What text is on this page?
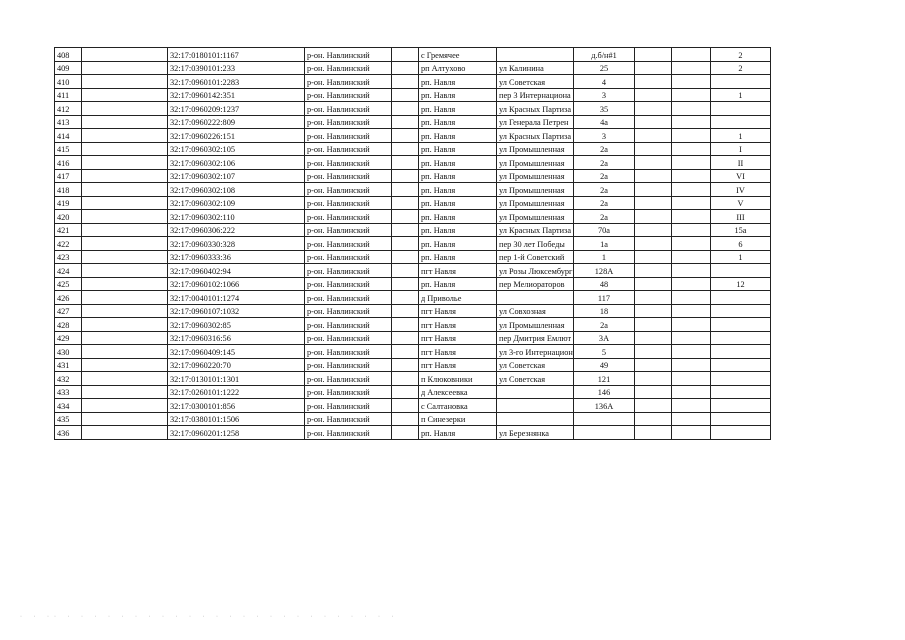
408		32:17:0180101:1167	р-он. Навлинский		с Гремячее		д.б/н#1			2
409		32:17:0390101:233	р-он. Навлинский		рп Алтухово	ул Калинина	25			2
410		32:17:0960101:2283	р-он. Навлинский		рп. Навля	ул Советская	4			
411		32:17:0960142:351	р-он. Навлинский		рп. Навля	пер 3 Интернациона	3			1
412		32:17:0960209:1237	р-он. Навлинский		рп. Навля	ул Красных Партиза	35			
413		32:17:0960222:809	р-он. Навлинский		рп. Навля	ул Генерала Петрен	4а			
414		32:17:0960226:151	р-он. Навлинский		рп. Навля	ул Красных Партиза	3			1
415		32:17:0960302:105	р-он. Навлинский		рп. Навля	ул Промышленная	2а			I
416		32:17:0960302:106	р-он. Навлинский		рп. Навля	ул Промышленная	2а			II
417		32:17:0960302:107	р-он. Навлинский		рп. Навля	ул Промышленная	2а			VI
418		32:17:0960302:108	р-он. Навлинский		рп. Навля	ул Промышленная	2а			IV
419		32:17:0960302:109	р-он. Навлинский		рп. Навля	ул Промышленная	2а			V
420		32:17:0960302:110	р-он. Навлинский		рп. Навля	ул Промышленная	2а			III
421		32:17:0960306:222	р-он. Навлинский		рп. Навля	ул Красных Партиза	70а			15а
422		32:17:0960330:328	р-он. Навлинский		рп. Навля	пер 30 лет Победы	1а			6
423		32:17:0960333:36	р-он. Навлинский		рп. Навля	пер 1-й Советский	1			1
424		32:17:0960402:94	р-он. Навлинский		пгт Навля	ул Розы Люксембург	128А			
425		32:17:0960102:1066	р-он. Навлинский		рп. Навля	пер Мелиораторов	48			12
426		32:17:0040101:1274	р-он. Навлинский		д Приволье		117			
427		32:17:0960107:1032	р-он. Навлинский		пгт Навля	ул Совхозная	18			
428		32:17:0960302:85	р-он. Навлинский		пгт Навля	ул Промышленная	2а			
429		32:17:0960316:56	р-он. Навлинский		пгт Навля	пер Дмитрия Емлют	3А			
430		32:17:0960409:145	р-он. Навлинский		пгт Навля	ул 3-го Интернацион	5			
431		32:17:0960220:70	р-он. Навлинский		пгт Навля	ул Советская	49			
432		32:17:0130101:1301	р-он. Навлинский		п Клюковники	ул Советская	121			
433		32:17:0260101:1222	р-он. Навлинский		д Алексеевка		146			
434		32:17:0300101:856	р-он. Навлинский		с Салтановка		136А			
435		32:17:0380101:1506	р-он. Навлинский		п Синезерки					
436		32:17:0960201:1258	р-он. Навлинский		рп. Навля	ул Березнянка				
· · ·· · · · · · · · · · · · · · · · · · · · · · · · · ·
